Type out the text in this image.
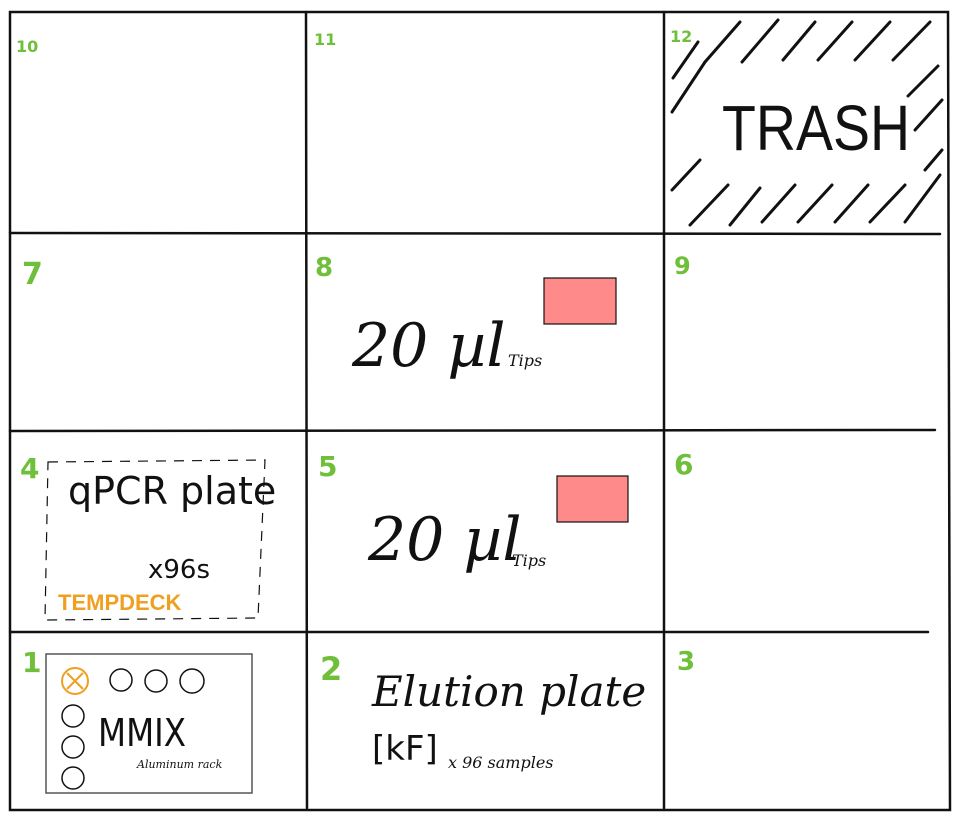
10	11	12
7	8	9
4	5	6
1	2	3
TRASH
20 µl Tips
20 µl
Tips
qPCR plate
x96s
TEMPDECK
Elution plate
[kF] x 96 samples
MMIX
Aluminum rack
